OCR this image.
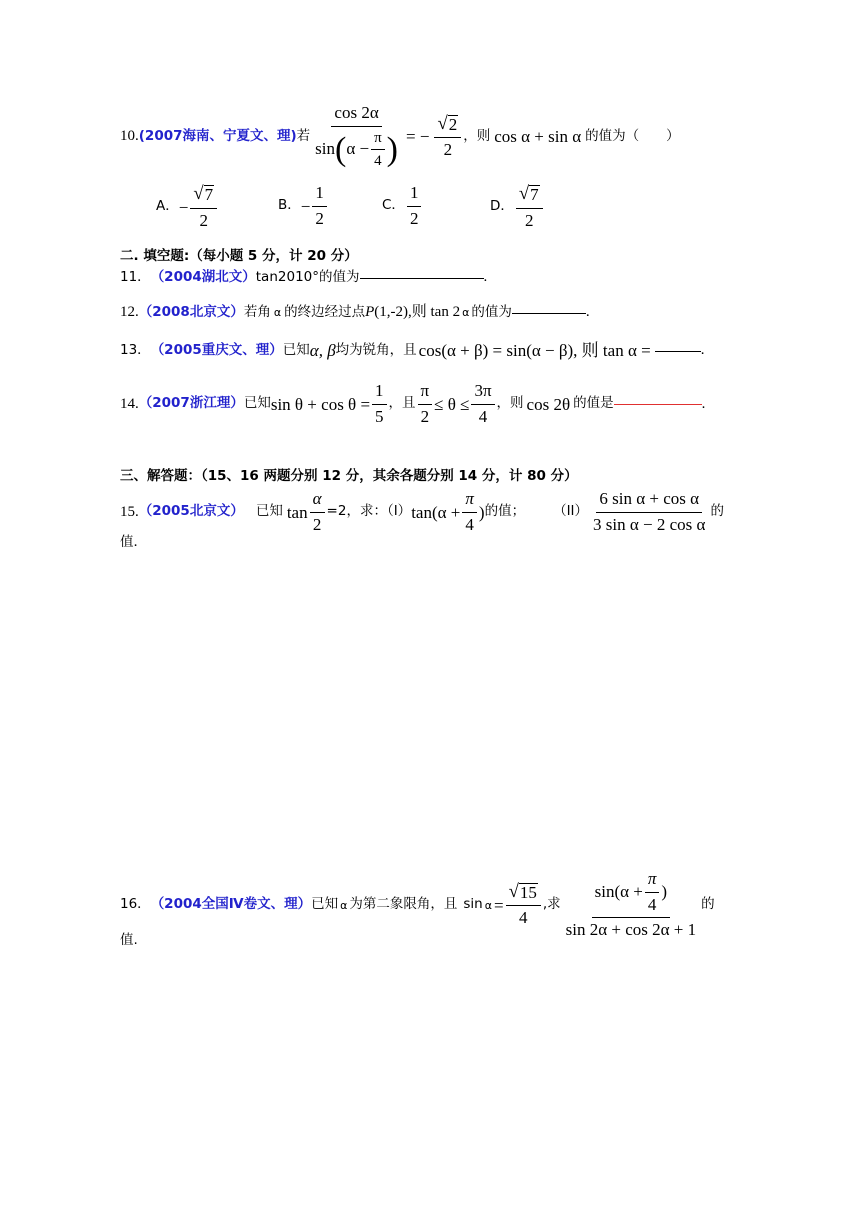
10. (2007海南、宁夏文、理) 若
cos 2α
sin ( $\alpha - \frac{\pi}{4}$ ) = − $\frac{√ 2}{2}$ ，则 cos α + sin α 的值为（　　）
A． − $\frac{√ 7}{2}$	B． − $\frac{1}{2}$	C． $\frac{1}{2}$	D． $\frac{√ 7}{2}$
二. 填空题:（每小题 5 分，计 20 分）
11． （2004湖北文） tan2010°的值为	.
12. （2008北京文） 若角 α 的终边经过点 P (1,-2),则 tan 2 α 的值为	.
13． （2005重庆文、理） 已知 α, β 均为锐角，且 cos(α + β) = sin(α − β), 则 tan α =	.
14. （2007浙江理） 已知 $\sin \theta + \cos \theta = \frac{1}{5}$ ，且 $\frac{\pi}{2} \le \theta \le \frac{3\pi}{4}$ ，则 cos 2θ 的值是	.
三、解答题：（15、16 两题分别 12 分，其余各题分别 14 分，计 80 分）
15. （2005北京文） 已知 $\tan \frac{\alpha}{2} =2$，求：（I） $\tan(\alpha + \frac{\pi}{4}$ ) 的值； $(II) \frac{\text{6 sin α + cos α}}{\text{3 sin α − 2 cos α}}$ 的
值．
16． （2004全国Ⅳ卷文、理） 已知 α 为第二象限角，且 $\sin \alpha = \frac{√ 15}{4}$ ,求 $\frac{\sin(\alpha + \frac{\pi}{4} )}{\sin 2\alpha + \cos 2\alpha + 1}$ 的
值.
